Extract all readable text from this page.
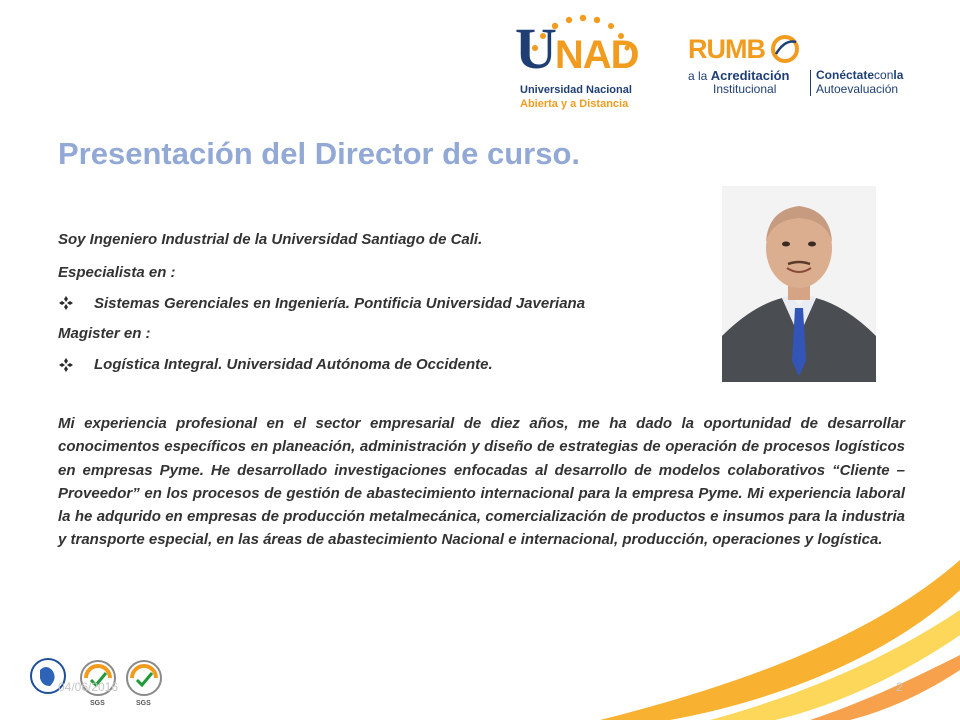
UNAD
Universidad Nacional
Abierta y a Distancia
RUMB
a la Acreditación
Institucional
Conéctateconla
Autoevaluación
Presentación del Director de curso.
Soy Ingeniero Industrial de la Universidad Santiago de Cali.
Especialista en :
Sistemas Gerenciales en Ingeniería. Pontificia Universidad Javeriana
Magister en :
Logística Integral. Universidad Autónoma de Occidente.

Mi experiencia profesional en el sector empresarial de diez años, me ha dado la oportunidad de desarrollar conocimentos específicos en planeación, administración y diseño de estrategias de operación de procesos logísticos en empresas Pyme. He desarrollado investigaciones enfocadas al desarrollo de modelos colaborativos “Cliente – Proveedor” en los procesos de gestión de abastecimiento internacional para la empresa Pyme. Mi experiencia laboral la he adqurido en empresas de producción metalmecánica, comercialización de productos e insumos para la industria y transporte especial, en las áreas de abastecimiento Nacional e internacional, producción, operaciones y logística.

SGS	SGS
04/06/2016	2
